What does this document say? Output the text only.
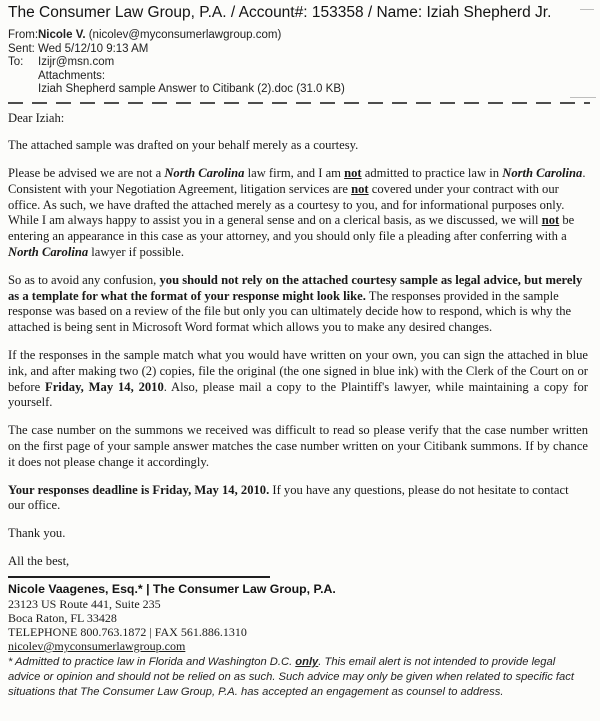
The Consumer Law Group, P.A. / Account#: 153358 / Name: Iziah Shepherd Jr.
From: Nicole V. (nicolev@myconsumerlawgroup.com)
Sent: Wed 5/12/10 9:13 AM
To:	Izijr@msn.com
Attachments:
Iziah Shepherd sample Answer to Citibank (2).doc (31.0 KB)

Dear Iziah:

The attached sample was drafted on your behalf merely as a courtesy.

Please be advised we are not a North Carolina law firm, and I am not admitted to practice law in North Carolina. Consistent with your Negotiation Agreement, litigation services are not covered under your contract with our office. As such, we have drafted the attached merely as a courtesy to you, and for informational purposes only. While I am always happy to assist you in a general sense and on a clerical basis, as we discussed, we will not be entering an appearance in this case as your attorney, and you should only file a pleading after conferring with a North Carolina lawyer if possible.

So as to avoid any confusion, you should not rely on the attached courtesy sample as legal advice, but merely as a template for what the format of your response might look like. The responses provided in the sample response was based on a review of the file but only you can ultimately decide how to respond, which is why the attached is being sent in Microsoft Word format which allows you to make any desired changes.

If the responses in the sample match what you would have written on your own, you can sign the attached in blue ink, and after making two (2) copies, file the original (the one signed in blue ink) with the Clerk of the Court on or before Friday, May 14, 2010. Also, please mail a copy to the Plaintiff's lawyer, while maintaining a copy for yourself.

The case number on the summons we received was difficult to read so please verify that the case number written on the first page of your sample answer matches the case number written on your Citibank summons. If by chance it does not please change it accordingly.

Your responses deadline is Friday, May 14, 2010. If you have any questions, please do not hesitate to contact our office.

Thank you.

All the best,

Nicole Vaagenes, Esq.* | The Consumer Law Group, P.A.
23123 US Route 441, Suite 235
Boca Raton, FL 33428
TELEPHONE 800.763.1872 | FAX 561.886.1310
nicolev@myconsumerlawgroup.com
* Admitted to practice law in Florida and Washington D.C. only. This email alert is not intended to provide legal advice or opinion and should not be relied on as such. Such advice may only be given when related to specific fact situations that The Consumer Law Group, P.A. has accepted an engagement as counsel to address.
